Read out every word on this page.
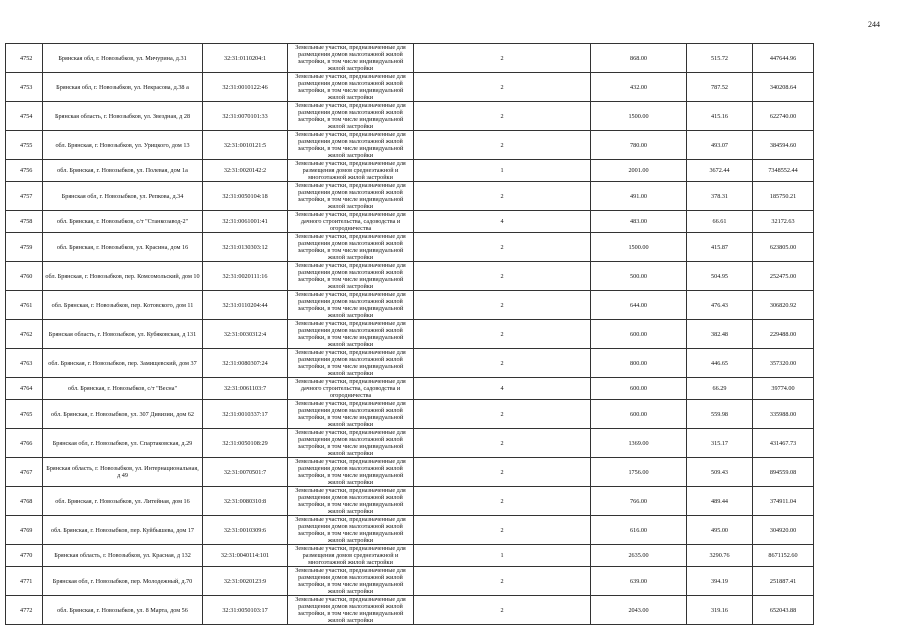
244
4752	Брянская обл, г. Новозыбков, ул. Мичурина, д.31	32:31:0110204:1	Земельные участки, предназначенные для размещения домов малоэтажной жилой застройки, в том числе индивидуальной жилой застройки	2	868.00	515.72	447644.96
4753	Брянская обл, г. Новозыбков, ул. Некрасова, д.38 а	32:31:0010122:46	Земельные участки, предназначенные для размещения домов малоэтажной жилой застройки, в том числе индивидуальной жилой застройки	2	432.00	787.52	340208.64
4754	Брянская область, г. Новозыбков, ул. Звездная, д 28	32:31:0070101:33	Земельные участки, предназначенные для размещения домов малоэтажной жилой застройки, в том числе индивидуальной жилой застройки	2	1500.00	415.16	622740.00
4755	обл. Брянская, г. Новозыбков, ул. Урицкого, дом 13	32:31:0010121:5	Земельные участки, предназначенные для размещения домов малоэтажной жилой застройки, в том числе индивидуальной жилой застройки	2	780.00	493.07	384594.60
4756	обл. Брянская, г. Новозыбков, ул. Полевая, дом 1а	32:31:0020142:2	Земельные участки, предназначенные для размещения домов среднеэтажной и многоэтажной жилой застройки	1	2001.00	3672.44	7348552.44
4757	Брянская обл, г. Новозыбков, ул. Репкова, д.34	32:31:0050104:18	Земельные участки, предназначенные для размещения домов малоэтажной жилой застройки, в том числе индивидуальной жилой застройки	2	491.00	378.31	185750.21
4758	обл. Брянская, г. Новозыбков, с/т "Станкозавод-2"	32:31:0061001:41	Земельные участки, предназначенные для дачного строительства, садоводства и огородничества	4	483.00	66.61	32172.63
4759	обл. Брянская, г. Новозыбков, ул. Красина, дом 16	32:31:0130303:12	Земельные участки, предназначенные для размещения домов малоэтажной жилой застройки, в том числе индивидуальной жилой застройки	2	1500.00	415.87	623805.00
4760	обл. Брянская, г. Новозыбков, пер. Комсомольский, дом 10	32:31:0020111:16	Земельные участки, предназначенные для размещения домов малоэтажной жилой застройки, в том числе индивидуальной жилой застройки	2	500.00	504.95	252475.00
4761	обл. Брянская, г. Новозыбков, пер. Котовского, дом 11	32:31:0110204:44	Земельные участки, предназначенные для размещения домов малоэтажной жилой застройки, в том числе индивидуальной жилой застройки	2	644.00	476.43	306820.92
4762	Брянская область, г. Новозыбков, ул. Кубяковская, д 131	32:31:0030312:4	Земельные участки, предназначенные для размещения домов малоэтажной жилой застройки, в том числе индивидуальной жилой застройки	2	600.00	382.48	229488.00
4763	обл. Брянская, г. Новозыбков, пер. Замищевский, дом 37	32:31:0080307:24	Земельные участки, предназначенные для размещения домов малоэтажной жилой застройки, в том числе индивидуальной жилой застройки	2	800.00	446.65	357320.00
4764	обл. Брянская, г. Новозыбков, с/т "Весна"	32:31:0061103:7	Земельные участки, предназначенные для дачного строительства, садоводства и огородничества	4	600.00	66.29	39774.00
4765	обл. Брянская, г. Новозыбков, ул. 307 Дивизии, дом 62	32:31:0010337:17	Земельные участки, предназначенные для размещения домов малоэтажной жилой застройки, в том числе индивидуальной жилой застройки	2	600.00	559.98	335988.00
4766	Брянская обл, г. Новозыбков, ул. Спартаковская, д.29	32:31:0050108:29	Земельные участки, предназначенные для размещения домов малоэтажной жилой застройки, в том числе индивидуальной жилой застройки	2	1369.00	315.17	431467.73
4767	Брянская область, г. Новозыбков, ул. Интернациональная, д 49	32:31:0070501:7	Земельные участки, предназначенные для размещения домов малоэтажной жилой застройки, в том числе индивидуальной жилой застройки	2	1756.00	509.43	894559.08
4768	обл. Брянская, г. Новозыбков, ул. Литейная, дом 16	32:31:0080310:8	Земельные участки, предназначенные для размещения домов малоэтажной жилой застройки, в том числе индивидуальной жилой застройки	2	766.00	489.44	374911.04
4769	обл. Брянская, г. Новозыбков, пер. Куйбышева, дом 17	32:31:0010309:6	Земельные участки, предназначенные для размещения домов малоэтажной жилой застройки, в том числе индивидуальной жилой застройки	2	616.00	495.00	304920.00
4770	Брянская область, г. Новозыбков, ул. Красная, д 132	32:31:0040114:101	Земельные участки, предназначенные для размещения домов среднеэтажной и многоэтажной жилой застройки	1	2635.00	3290.76	8671152.60
4771	Брянская обл, г. Новозыбков, пер. Молодежный, д.70	32:31:0020123:9	Земельные участки, предназначенные для размещения домов малоэтажной жилой застройки, в том числе индивидуальной жилой застройки	2	639.00	394.19	251887.41
4772	обл. Брянская, г. Новозыбков, ул. 8 Марта, дом 56	32:31:0050103:17	Земельные участки, предназначенные для размещения домов малоэтажной жилой застройки, в том числе индивидуальной жилой застройки	2	2043.00	319.16	652043.88
